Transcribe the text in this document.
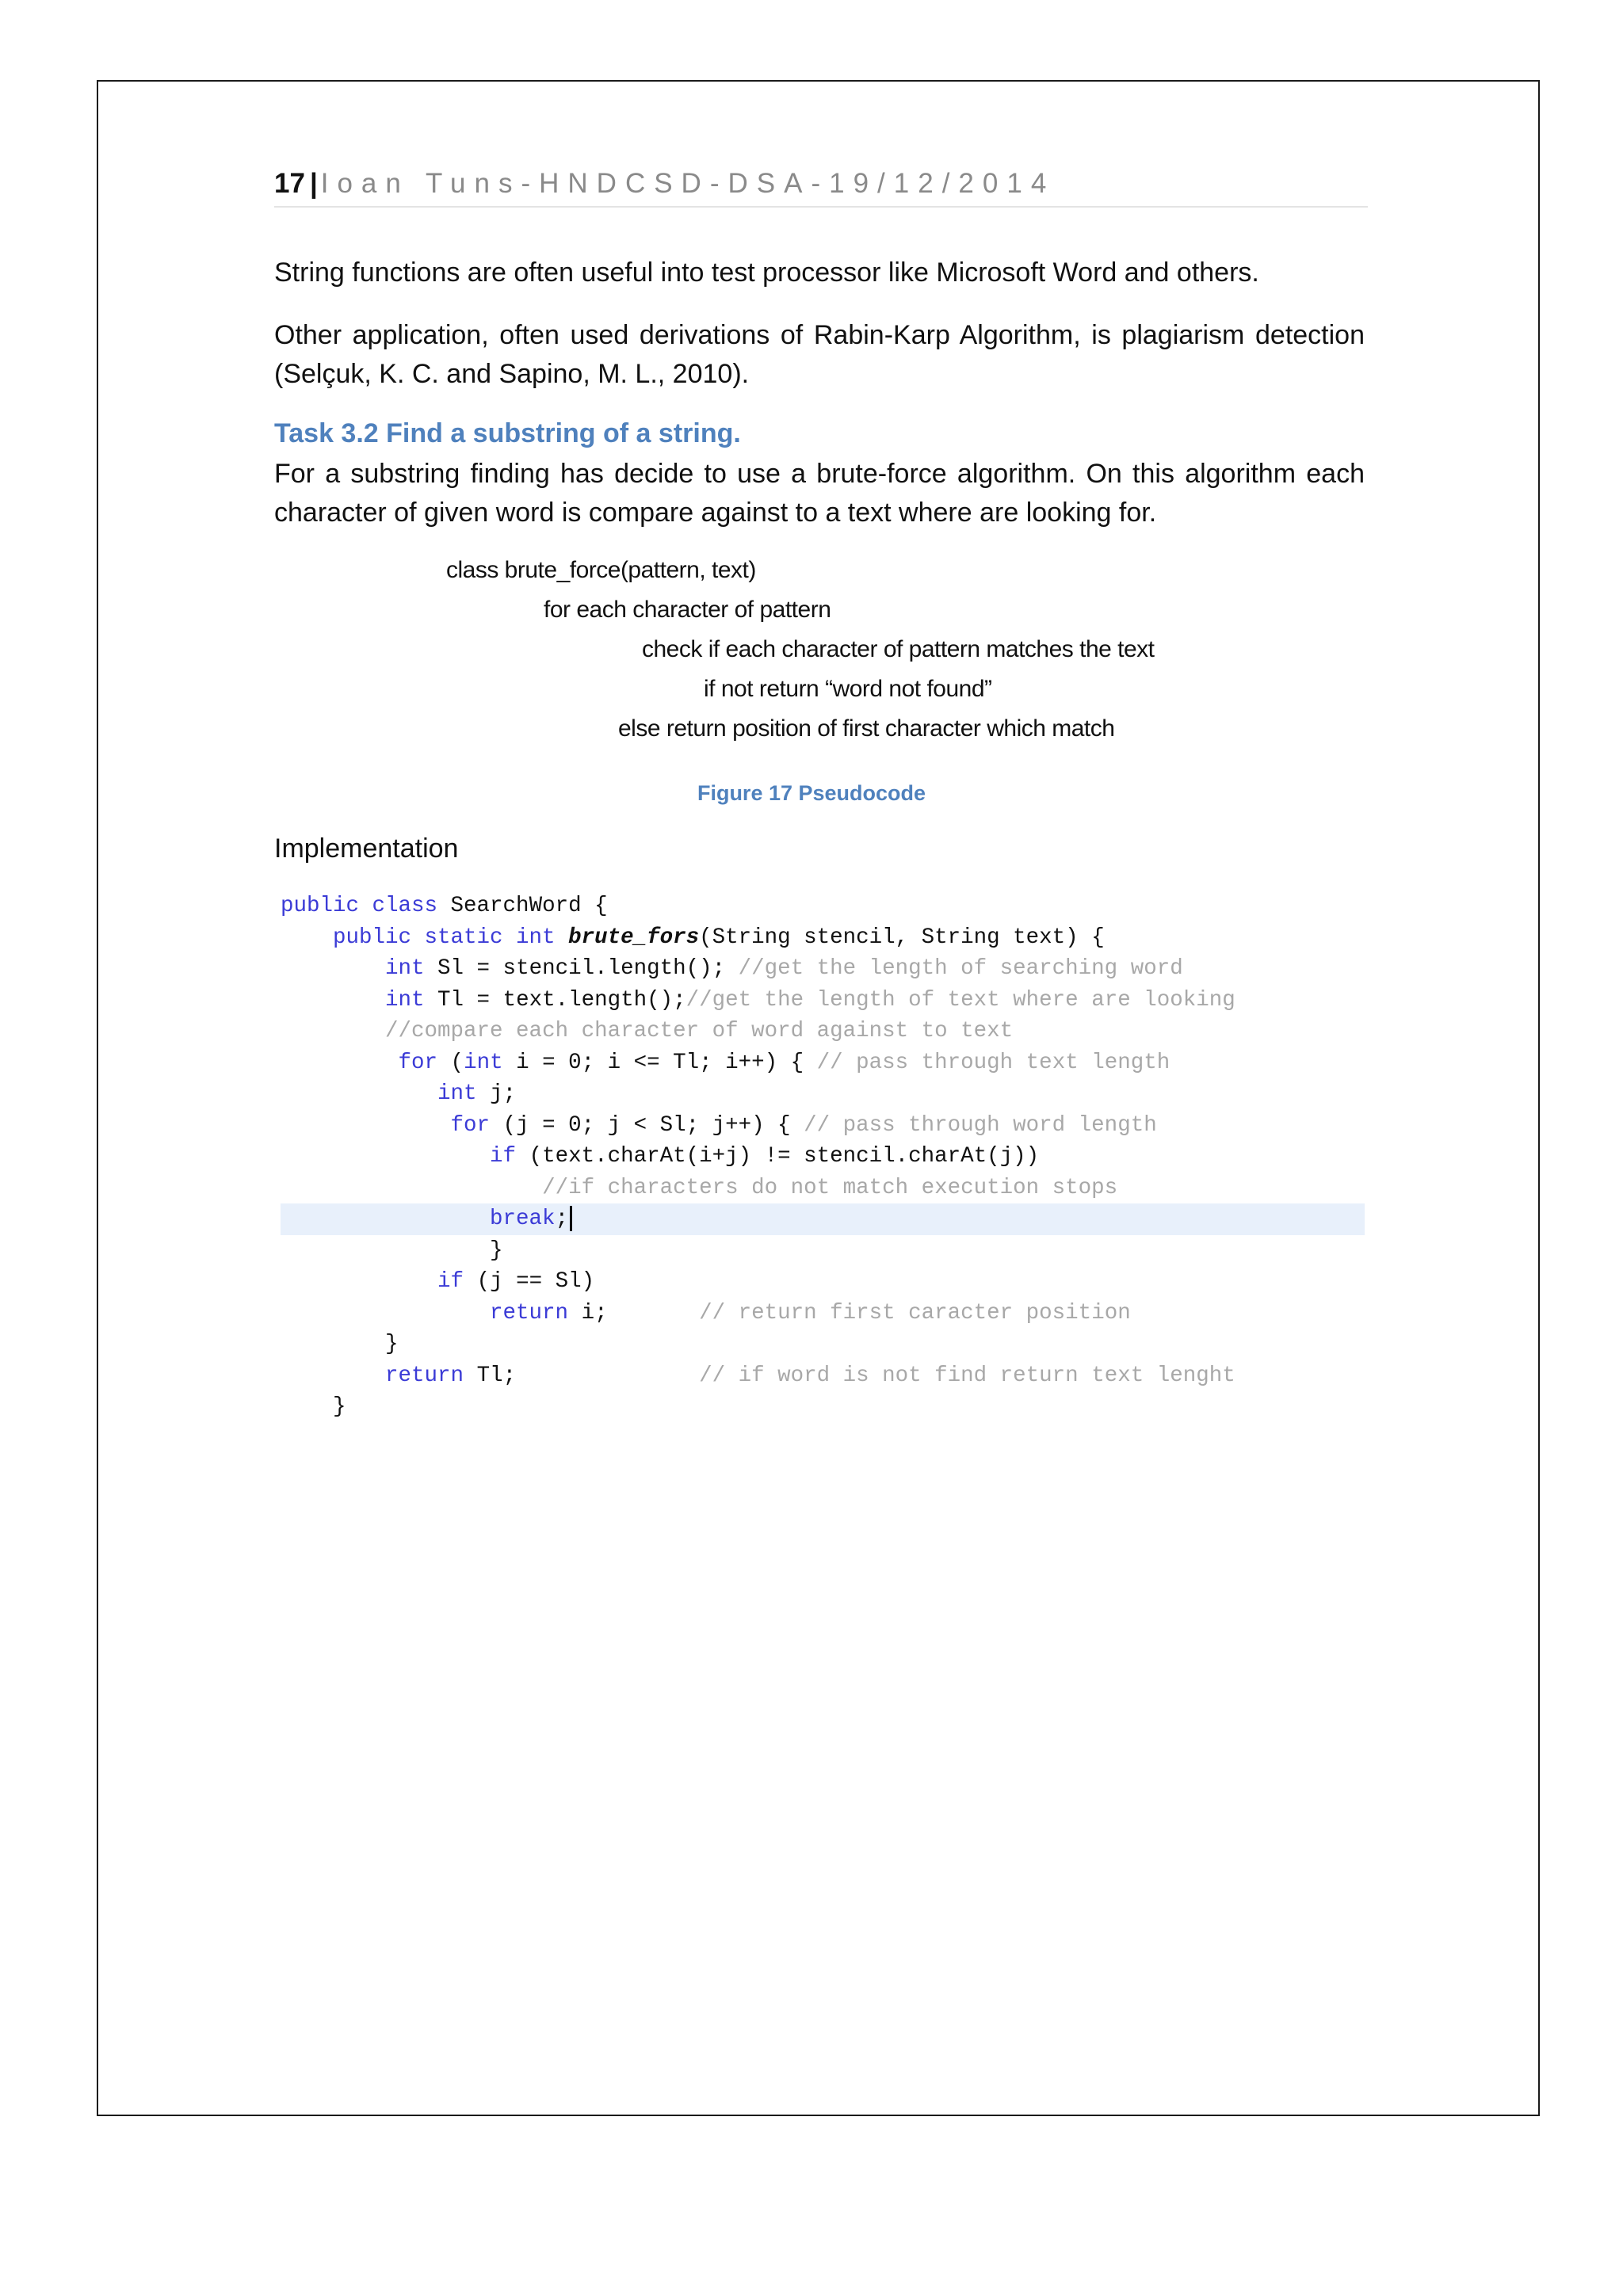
17 | Ioan Tuns-HNDCSD-DSA-19/12/2014

String functions are often useful into test processor like Microsoft Word and others.

Other application, often used derivations of Rabin-Karp Algorithm, is plagiarism detection (Selçuk, K. C. and Sapino, M. L., 2010).

Task 3.2 Find a substring of a string.

For a substring finding has decide to use a brute-force algorithm. On this algorithm each character of given word is compare against to a text where are looking for.

class brute_force(pattern, text)
for each character of pattern
check if each character of pattern matches the text
if not return “word not found”
else return position of first character which match
Figure 17 Pseudocode
Implementation
public class SearchWord {
public static int brute_fors(String stencil, String text) {
int Sl = stencil.length(); //get the length of searching word
int Tl = text.length();//get the length of text where are looking
//compare each character of word against to text
for (int i = 0; i <= Tl; i++) { // pass through text length
int j;
for (j = 0; j < Sl; j++) { // pass through word length
if (text.charAt(i+j) != stencil.charAt(j))
//if characters do not match execution stops
break;
}
if (j == Sl)
return i;       // return first caracter position
}
return Tl;              // if word is not find return text lenght
}
